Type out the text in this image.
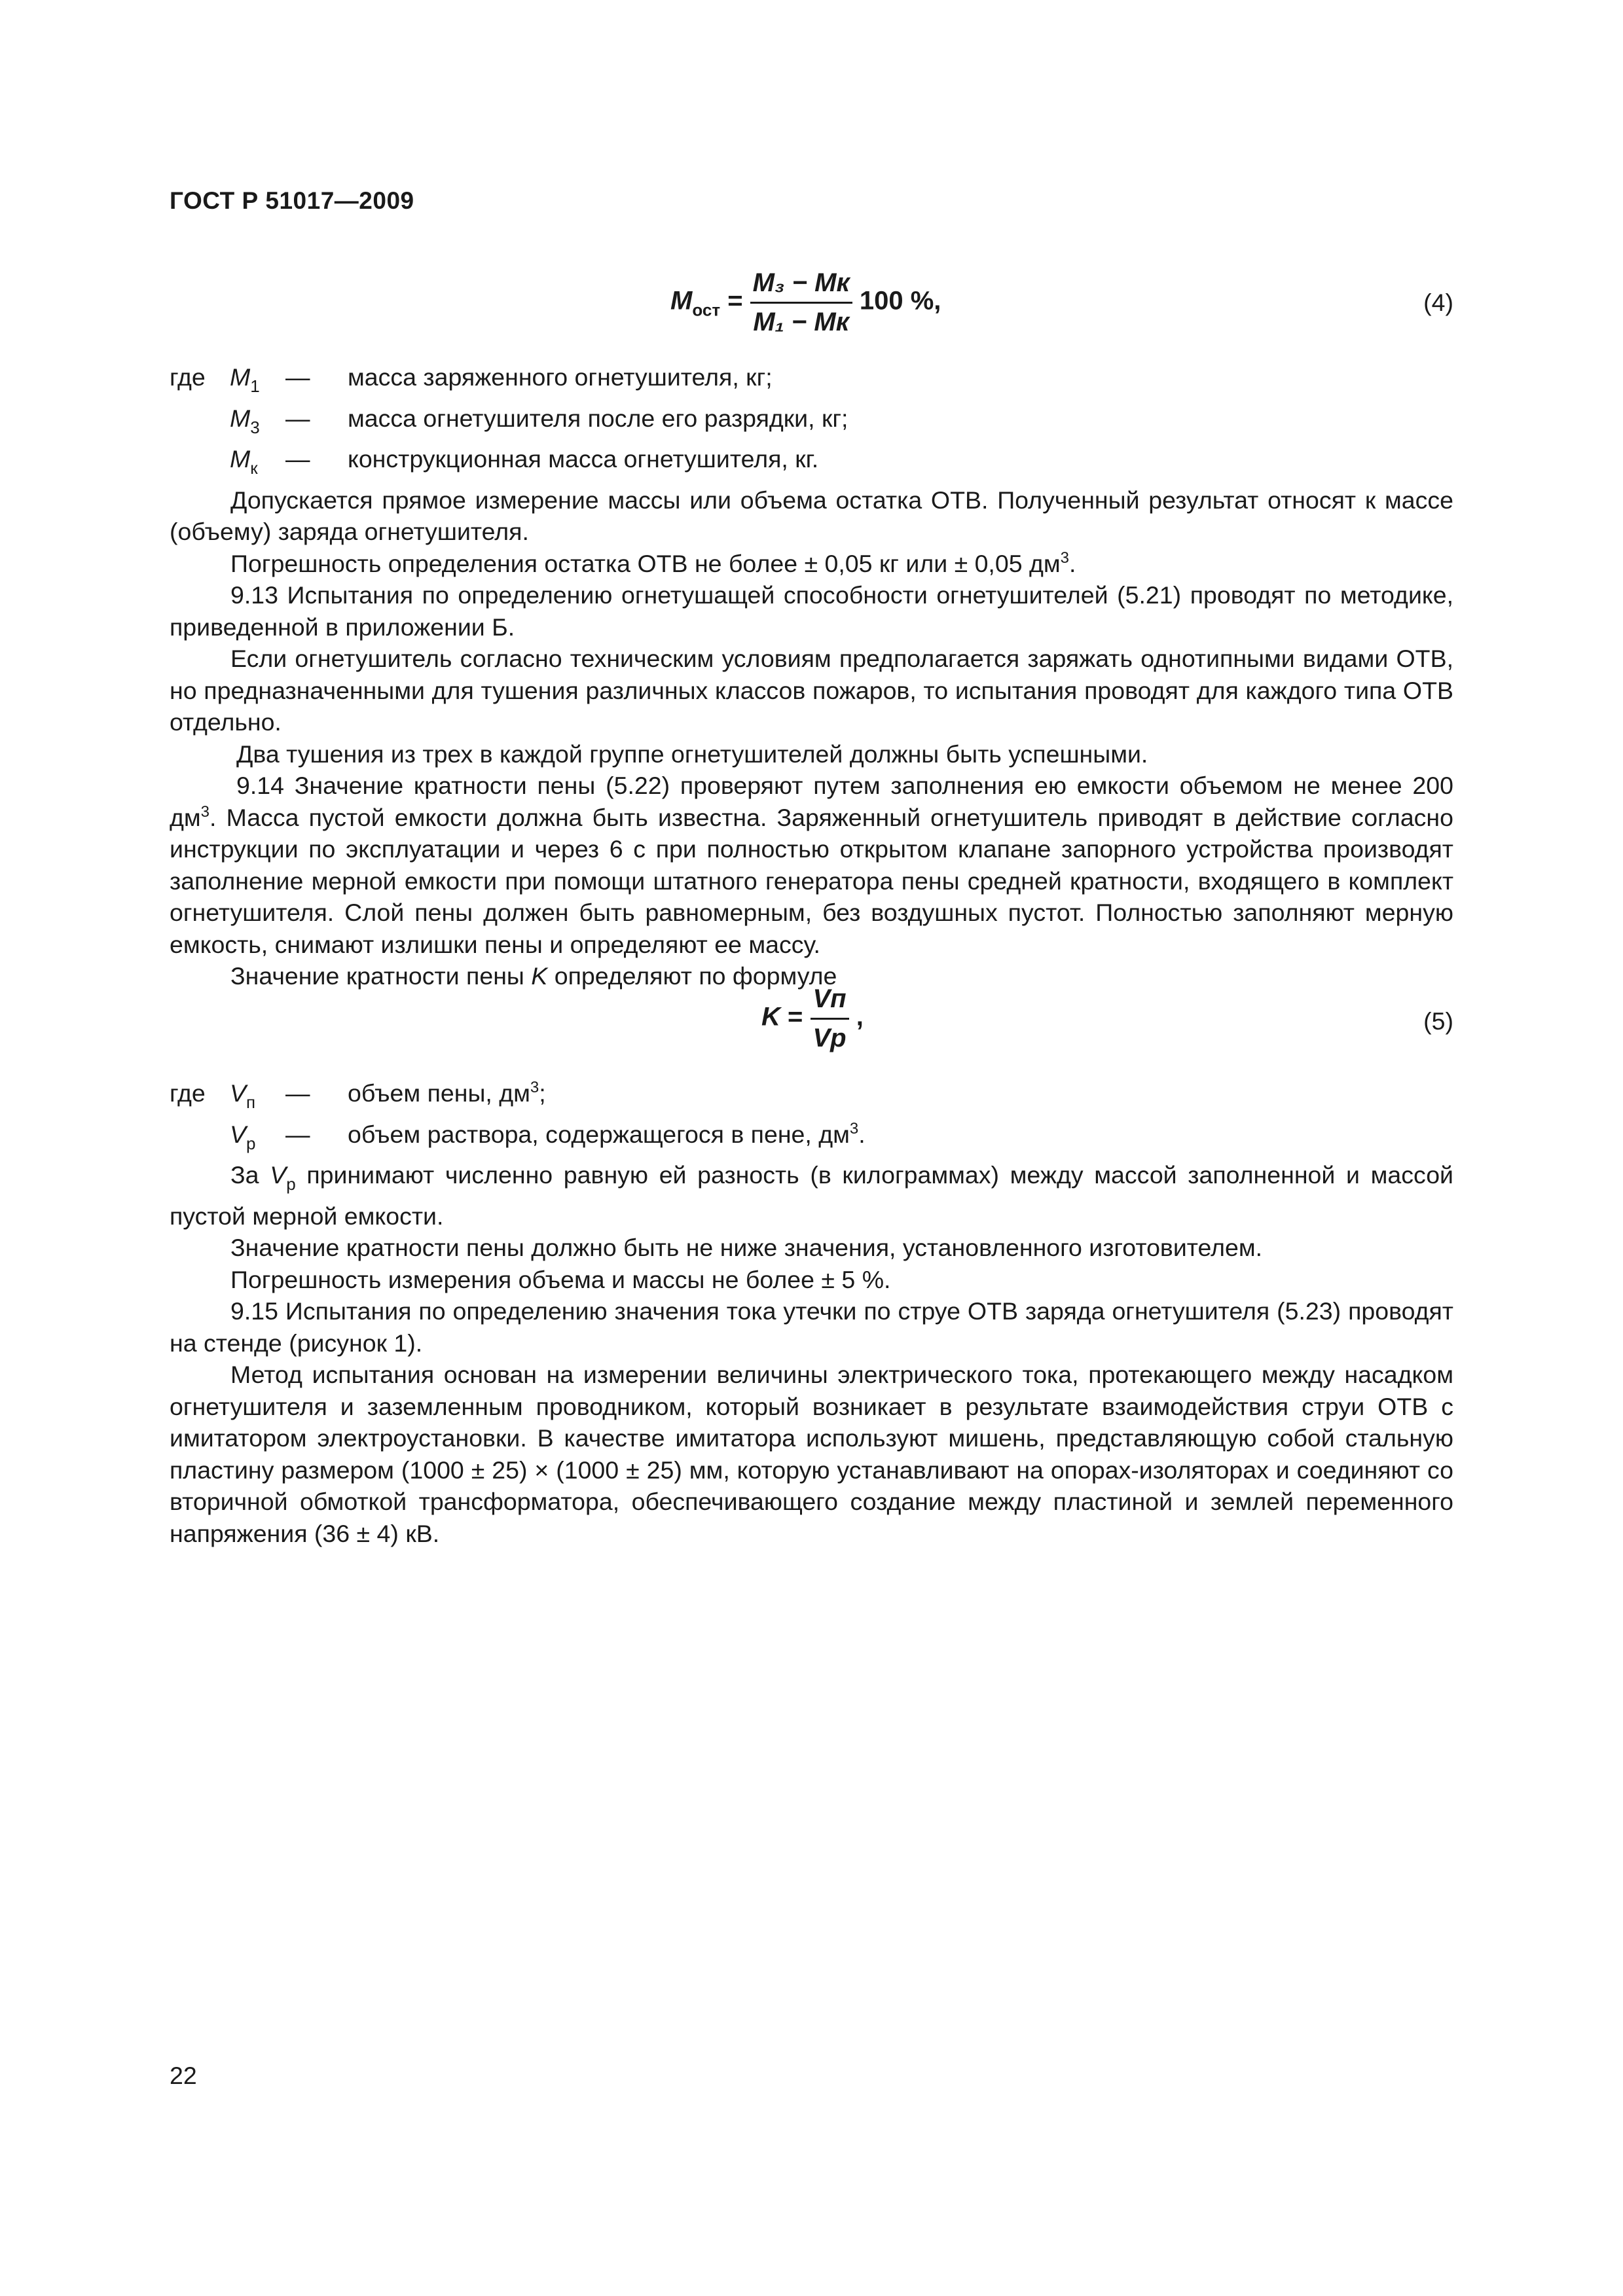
ГОСТ Р 51017—2009
$M_{ост} = \frac{\text{M₃ − Mк}}{\text{M₁ − Mк}} 100$ %,	(4)
где $M_1$	—	масса заряженного огнетушителя, кг;
$M_3$	—	масса огнетушителя после его разрядки, кг;
$M_к$	—	конструкционная масса огнетушителя, кг.

Допускается прямое измерение массы или объема остатка ОТВ. Полученный результат относят к массе (объему) заряда огнетушителя.

Погрешность определения остатка ОТВ не более ± 0,05 кг или ± 0,05 $дм^3$.

9.13 Испытания по определению огнетушащей способности огнетушителей (5.21) проводят по методике, приведенной в приложении Б.

Если огнетушитель согласно техническим условиям предполагается заряжать однотипными видами ОТВ, но предназначенными для тушения различных классов пожаров, то испытания проводят для каждого типа ОТВ отдельно.

Два тушения из трех в каждой группе огнетушителей должны быть успешными.

9.14 Значение кратности пены (5.22) проверяют путем заполнения ею емкости объемом не менее 200 $дм^3$. Масса пустой емкости должна быть известна. Заряженный огнетушитель приводят в действие согласно инструкции по эксплуатации и через 6 с при полностью открытом клапане запорного устройства производят заполнение мерной емкости при помощи штатного генератора пены средней кратности, входящего в комплект огнетушителя. Слой пены должен быть равномерным, без воздушных пустот. Полностью заполняют мерную емкость, снимают излишки пены и определяют ее массу.

Значение кратности пены K определяют по формуле

$K = \frac{Vп}{Vр}$ ,	(5)
где $V_п$	—	объем пены, $дм^3$;
$V_р$	—	объем раствора, содержащегося в пене, $дм^3$.

За $V_р$ принимают численно равную ей разность (в килограммах) между массой заполненной и массой пустой мерной емкости.

Значение кратности пены должно быть не ниже значения, установленного изготовителем.

Погрешность измерения объема и массы не более ± 5 %.

9.15 Испытания по определению значения тока утечки по струе ОТВ заряда огнетушителя (5.23) проводят на стенде (рисунок 1).

Метод испытания основан на измерении величины электрического тока, протекающего между насадком огнетушителя и заземленным проводником, который возникает в результате взаимодействия струи ОТВ с имитатором электроустановки. В качестве имитатора используют мишень, представляющую собой стальную пластину размером (1000 ± 25) × (1000 ± 25) мм, которую устанавливают на опорах-изоляторах и соединяют со вторичной обмоткой трансформатора, обеспечивающего создание между пластиной и землей переменного напряжения (36 ± 4) кВ.

22
